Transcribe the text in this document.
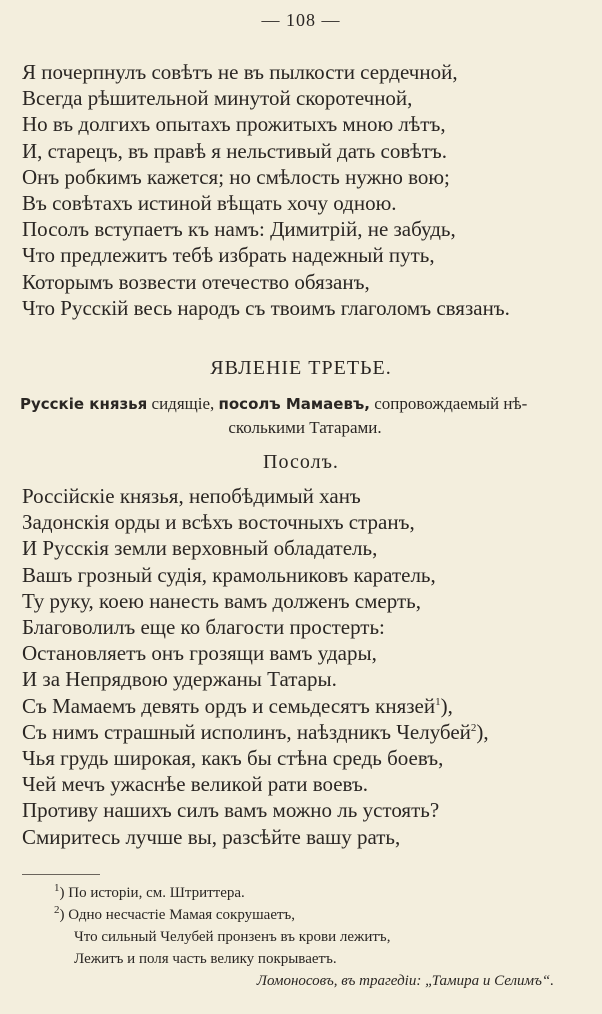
— 108 —
Я почерпнулъ совѣтъ не въ пылкости сердечной,
Всегда рѣшительной минутой скоротечной,
Но въ долгихъ опытахъ прожитыхъ мною лѣтъ,
И, старецъ, въ правѣ я нельстивый дать совѣтъ.
Онъ робкимъ кажется; но смѣлость нужно вою;
Въ совѣтахъ истиной вѣщать хочу одною.
Посолъ вступаетъ къ намъ: Димитрій, не забудь,
Что предлежитъ тебѣ избрать надежный путь,
Которымъ возвести отечество обязанъ,
Что Русскій весь народъ съ твоимъ глаголомъ связанъ.
ЯВЛЕНІЕ ТРЕТЬЕ.
Русскіе князья сидящіе, посолъ Мамаевъ, сопровождаемый нѣ-
сколькими Татарами.
Посолъ.
Россійскіе князья, непобѣдимый ханъ
Задонскія орды и всѣхъ восточныхъ странъ,
И Русскія земли верховный обладатель,
Вашъ грозный судія, крамольниковъ каратель,
Ту руку, коею нанесть вамъ долженъ смерть,
Благоволилъ еще ко благости простерть:
Остановляетъ онъ грозящи вамъ удары,
И за Непрядвою удержаны Татары.
Съ Мамаемъ девять ордъ и семьдесятъ князей$^1$),
Съ нимъ страшный исполинъ, наѣздникъ Челубей$^2$),
Чья грудь широкая, какъ бы стѣна средь боевъ,
Чей мечъ ужаснѣе великой рати воевъ.
Противу нашихъ силъ вамъ можно ль устоять?
Смиритесь лучше вы, разсѣйте вашу рать,
$^1$) По исторіи, см. Штриттера.
$^2$) Одно несчастіе Мамая сокрушаетъ,
Что сильный Челубей пронзенъ въ крови лежитъ,
Лежитъ и поля часть велику покрываетъ.
Ломоносовъ, въ трагедіи: „Тамира и Селимъ“.
